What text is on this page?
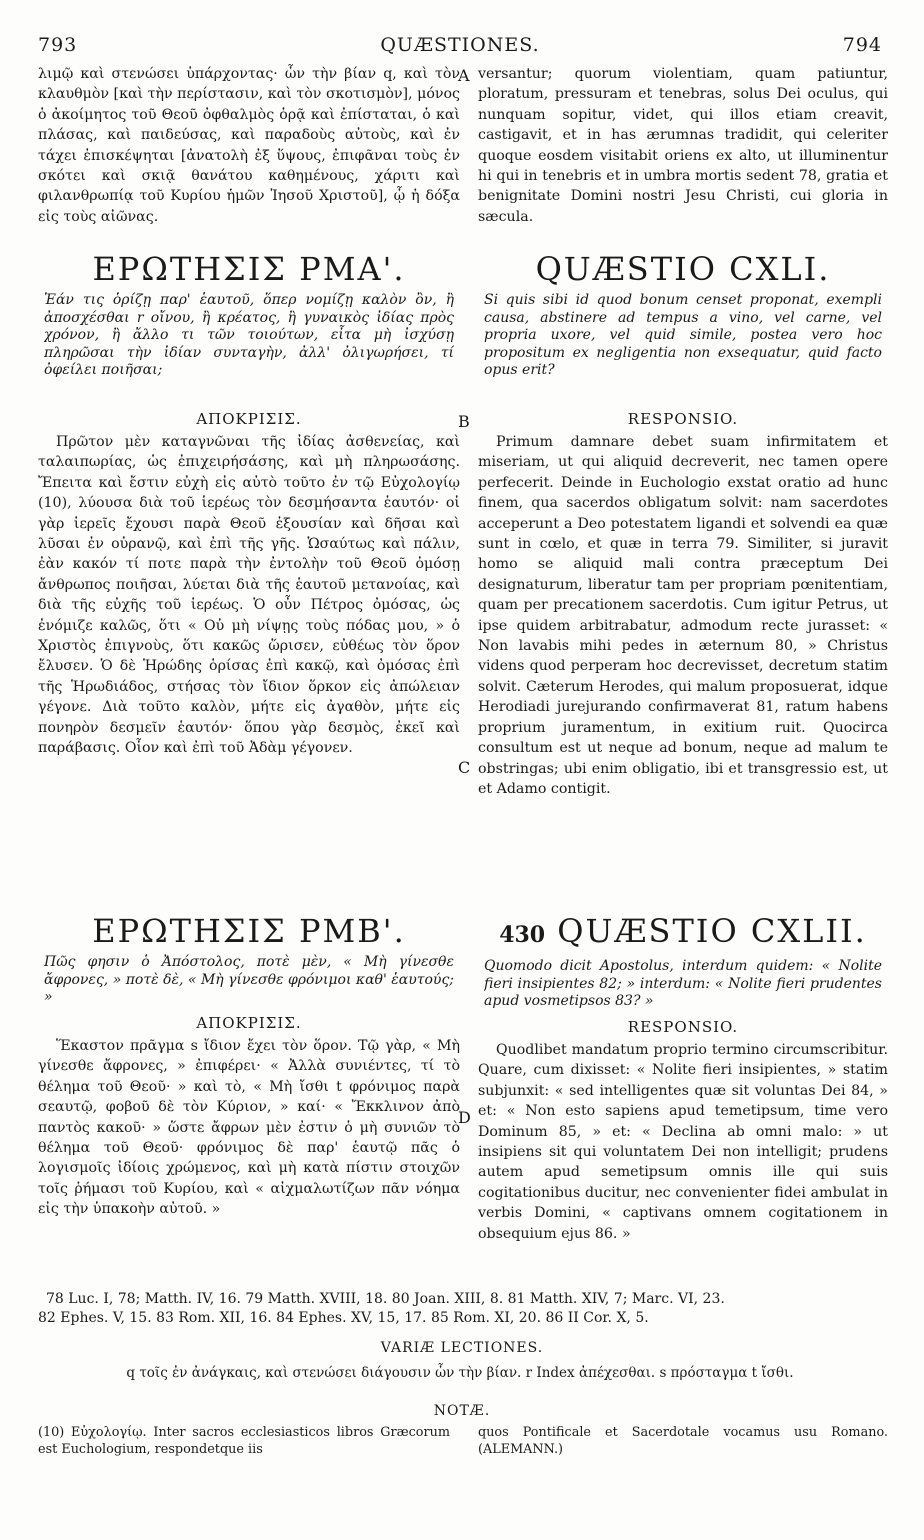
793	QUÆSTIONES.	794

λιμῷ καὶ στενώσει ὑπάρχοντας· ὧν τὴν βίαν q, καὶ τὸν κλαυθμὸν [καὶ τὴν περίστασιν, καὶ τὸν σκοτισμὸν], μόνος ὁ ἀκοίμητος τοῦ Θεοῦ ὀφθαλμὸς ὁρᾷ καὶ ἐπίσταται, ὁ καὶ πλάσας, καὶ παιδεύσας, καὶ παραδοὺς αὐτοὺς, καὶ ἐν τάχει ἐπισκέψηται [ἀνατολὴ ἐξ ὕψους, ἐπιφᾶναι τοὺς ἐν σκότει καὶ σκιᾷ θανάτου καθημένους, χάριτι καὶ φιλανθρωπίᾳ τοῦ Κυρίου ἡμῶν Ἰησοῦ Χριστοῦ], ᾧ ἡ δόξα εἰς τοὺς αἰῶνας.

ΕΡΩΤΗΣΙΣ ΡΜΑ'.
Ἐάν τις ὁρίζῃ παρ' ἑαυτοῦ, ὅπερ νομίζῃ καλὸν ὂν, ἢ ἀποσχέσθαι r οἴνου, ἢ κρέατος, ἢ γυναικὸς ἰδίας πρὸς χρόνον, ἢ ἄλλο τι τῶν τοιούτων, εἶτα μὴ ἰσχύσῃ πληρῶσαι τὴν ἰδίαν συνταγὴν, ἀλλ' ὀλιγωρήσει, τί ὀφείλει ποιῆσαι;
ΑΠΟΚΡΙΣΙΣ.

Πρῶτον μὲν καταγνῶναι τῆς ἰδίας ἀσθενείας, καὶ ταλαιπωρίας, ὡς ἐπιχειρήσάσης, καὶ μὴ πληρωσάσης. Ἔπειτα καὶ ἔστιν εὐχὴ εἰς αὐτὸ τοῦτο ἐν τῷ Εὐχολογίῳ (10), λύουσα διὰ τοῦ ἱερέως τὸν δεσμήσαντα ἑαυτόν· οἱ γὰρ ἱερεῖς ἔχουσι παρὰ Θεοῦ ἐξουσίαν καὶ δῆσαι καὶ λῦσαι ἐν οὐρανῷ, καὶ ἐπὶ τῆς γῆς. Ὡσαύτως καὶ πάλιν, ἐὰν κακόν τί ποτε παρὰ τὴν ἐντολὴν τοῦ Θεοῦ ὀμόσῃ ἄνθρωπος ποιῆσαι, λύεται διὰ τῆς ἑαυτοῦ μετανοίας, καὶ διὰ τῆς εὐχῆς τοῦ ἱερέως. Ὁ οὖν Πέτρος ὀμόσας, ὡς ἐνόμιζε καλῶς, ὅτι « Οὐ μὴ νίψῃς τοὺς πόδας μου, » ὁ Χριστὸς ἐπιγνοὺς, ὅτι κακῶς ὥρισεν, εὐθέως τὸν ὅρον ἔλυσεν. Ὁ δὲ Ἡρώδης ὁρίσας ἐπὶ κακῷ, καὶ ὀμόσας ἐπὶ τῆς Ἡρωδιάδος, στήσας τὸν ἴδιον ὅρκον εἰς ἀπώλειαν γέγονε. Διὰ τοῦτο καλὸν, μήτε εἰς ἀγαθὸν, μήτε εἰς πονηρὸν δεσμεῖν ἑαυτόν· ὅπου γὰρ δεσμὸς, ἐκεῖ καὶ παράβασις. Οἷον καὶ ἐπὶ τοῦ Ἀδὰμ γέγονεν.

ΕΡΩΤΗΣΙΣ ΡΜΒ'.
Πῶς φησιν ὁ Ἀπόστολος, ποτὲ μὲν, « Μὴ γίνεσθε ἄφρονες, » ποτὲ δὲ, « Μὴ γίνεσθε φρόνιμοι καθ' ἑαυτούς; »
ΑΠΟΚΡΙΣΙΣ.

Ἕκαστον πρᾶγμα s ἴδιον ἔχει τὸν ὅρον. Τῷ γὰρ, « Μὴ γίνεσθε ἄφρονες, » ἐπιφέρει· « Ἀλλὰ συνιέντες, τί τὸ θέλημα τοῦ Θεοῦ· » καὶ τὸ, « Μὴ ἴσθι t φρόνιμος παρὰ σεαυτῷ, φοβοῦ δὲ τὸν Κύριον, » καί· « Ἔκκλινον ἀπὸ παντὸς κακοῦ· » ὥστε ἄφρων μὲν ἐστιν ὁ μὴ συνιῶν τὸ θέλημα τοῦ Θεοῦ· φρόνιμος δὲ παρ' ἑαυτῷ πᾶς ὁ λογισμοῖς ἰδίοις χρώμενος, καὶ μὴ κατὰ πίστιν στοιχῶν τοῖς ῥήμασι τοῦ Κυρίου, καὶ « αἰχμαλωτίζων πᾶν νόημα εἰς τὴν ὑπακοὴν αὐτοῦ. »

A
B
C
D

versantur; quorum violentiam, quam patiuntur, ploratum, pressuram et tenebras, solus Dei oculus, qui nunquam sopitur, videt, qui illos etiam creavit, castigavit, et in has ærumnas tradidit, qui celeriter quoque eosdem visitabit oriens ex alto, ut illuminentur hi qui in tenebris et in umbra mortis sedent 78, gratia et benignitate Domini nostri Jesu Christi, cui gloria in sæcula.

QUÆSTIO CXLI.
Si quis sibi id quod bonum censet proponat, exempli causa, abstinere ad tempus a vino, vel carne, vel propria uxore, vel quid simile, postea vero hoc propositum ex negligentia non exsequatur, quid facto opus erit?
RESPONSIO.

Primum damnare debet suam infirmitatem et miseriam, ut qui aliquid decreverit, nec tamen opere perfecerit. Deinde in Euchologio exstat oratio ad hunc finem, qua sacerdos obligatum solvit: nam sacerdotes acceperunt a Deo potestatem ligandi et solvendi ea quæ sunt in cœlo, et quæ in terra 79. Similiter, si juravit homo se aliquid mali contra præceptum Dei designaturum, liberatur tam per propriam pœnitentiam, quam per precationem sacerdotis. Cum igitur Petrus, ut ipse quidem arbitrabatur, admodum recte jurasset: « Non lavabis mihi pedes in æternum 80, » Christus videns quod perperam hoc decrevisset, decretum statim solvit. Cæterum Herodes, qui malum proposuerat, idque Herodiadi jurejurando confirmaverat 81, ratum habens proprium juramentum, in exitium ruit. Quocirca consultum est ut neque ad bonum, neque ad malum te obstringas; ubi enim obligatio, ibi et transgressio est, ut et Adamo contigit.

430 QUÆSTIO CXLII.
Quomodo dicit Apostolus, interdum quidem: « Nolite fieri insipientes 82; » interdum: « Nolite fieri prudentes apud vosmetipsos 83? »
RESPONSIO.

Quodlibet mandatum proprio termino circumscribitur. Quare, cum dixisset: « Nolite fieri insipientes, » statim subjunxit: « sed intelligentes quæ sit voluntas Dei 84, » et: « Non esto sapiens apud temetipsum, time vero Dominum 85, » et: « Declina ab omni malo: » ut insipiens sit qui voluntatem Dei non intelligit; prudens autem apud semetipsum omnis ille qui suis cogitationibus ducitur, nec convenienter fidei ambulat in verbis Domini, « captivans omnem cogitationem in obsequium ejus 86. »

78 Luc. I, 78; Matth. IV, 16. 79 Matth. XVIII, 18. 80 Joan. XIII, 8. 81 Matth. XIV, 7; Marc. VI, 23.
82 Ephes. V, 15. 83 Rom. XII, 16. 84 Ephes. XV, 15, 17. 85 Rom. XI, 20. 86 II Cor. X, 5.
VARIÆ LECTIONES.
q τοῖς ἐν ἀνάγκαις, καὶ στενώσει διάγουσιν ὧν τὴν βίαν. r Index ἀπέχεσθαι. s πρόσταγμα t ἴσθι.
NOTÆ.
(10) Εὐχολογίῳ. Inter sacros ecclesiasticos libros Græcorum est Euchologium, respondetque iis
quos Pontificale et Sacerdotale vocamus usu Romano. (ALEMANN.)
